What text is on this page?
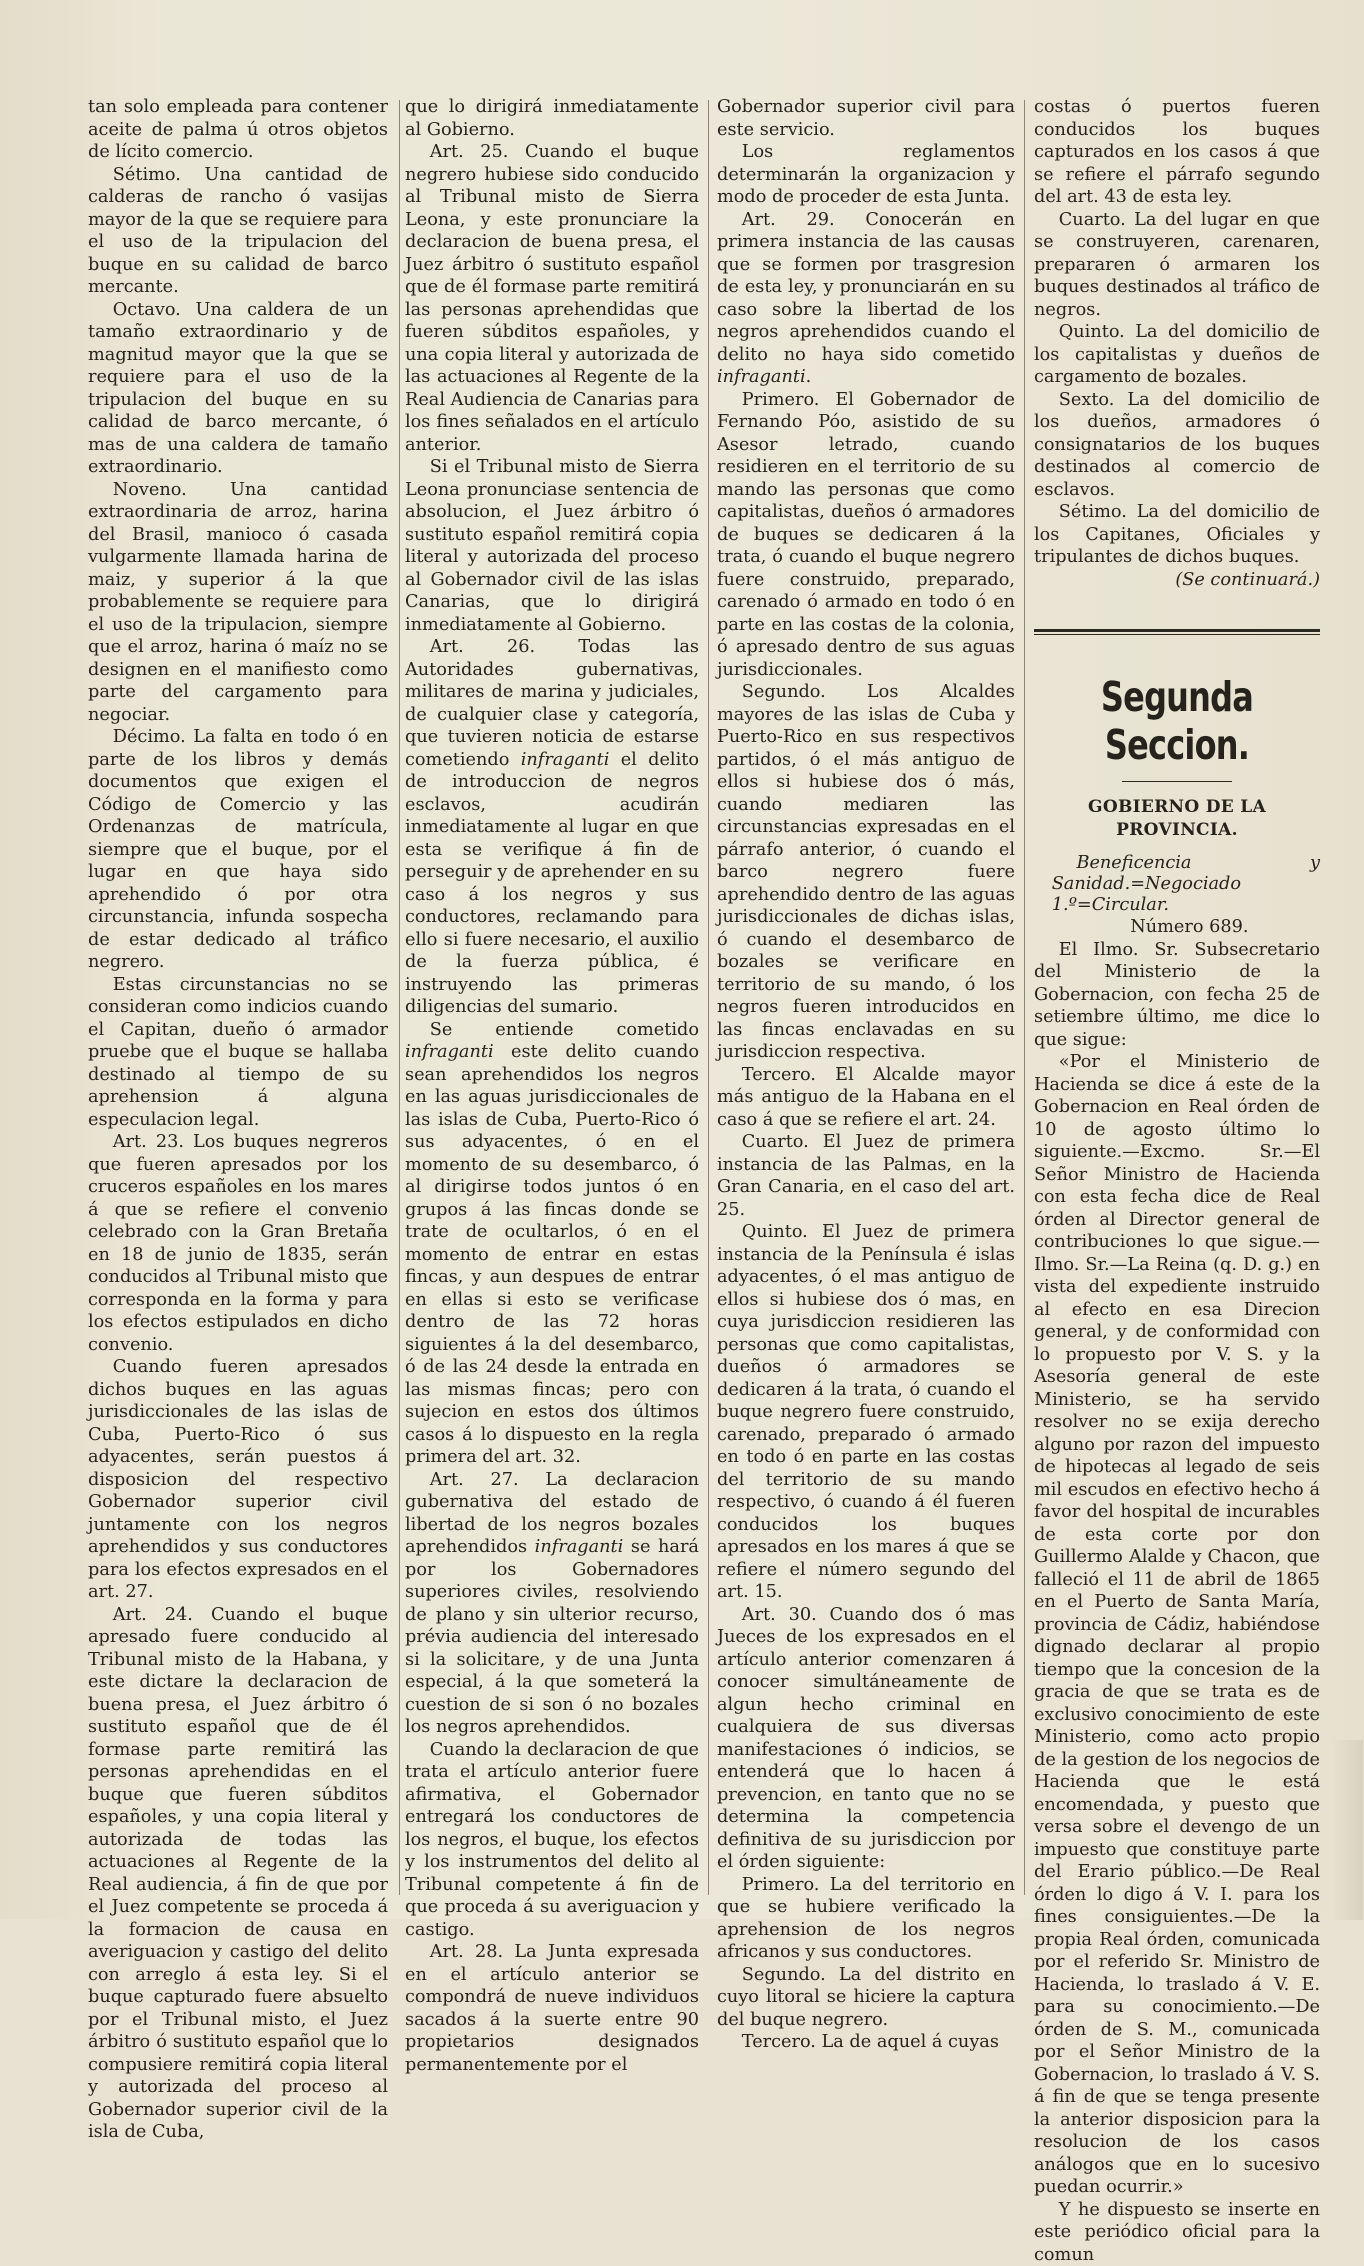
tan solo empleada para contener aceite de palma ú otros objetos de lícito comercio.

Sétimo. Una cantidad de calderas de rancho ó vasijas mayor de la que se requiere para el uso de la tripulacion del buque en su calidad de barco mercante.

Octavo. Una caldera de un tamaño extraordinario y de magnitud mayor que la que se requiere para el uso de la tripulacion del buque en su calidad de barco mercante, ó mas de una caldera de tamaño extraordinario.

Noveno. Una cantidad extraordinaria de arroz, harina del Brasil, manioco ó casada vulgarmente llamada harina de maiz, y superior á la que probablemente se requiere para el uso de la tripulacion, siempre que el arroz, harina ó maíz no se designen en el manifiesto como parte del cargamento para negociar.

Décimo. La falta en todo ó en parte de los libros y demás documentos que exigen el Código de Comercio y las Ordenanzas de matrícula, siempre que el buque, por el lugar en que haya sido aprehendido ó por otra circunstancia, infunda sospecha de estar dedicado al tráfico negrero.

Estas circunstancias no se consideran como indicios cuando el Capitan, dueño ó armador pruebe que el buque se hallaba destinado al tiempo de su aprehension á alguna especulacion legal.

Art. 23. Los buques negreros que fueren apresados por los cruceros españoles en los mares á que se refiere el convenio celebrado con la Gran Bretaña en 18 de junio de 1835, serán conducidos al Tribunal misto que corresponda en la forma y para los efectos estipulados en dicho convenio.

Cuando fueren apresados dichos buques en las aguas jurisdiccionales de las islas de Cuba, Puerto-Rico ó sus adyacentes, serán puestos á disposicion del respectivo Gobernador superior civil juntamente con los negros aprehendidos y sus conductores para los efectos expresados en el art. 27.

Art. 24. Cuando el buque apresado fuere conducido al Tribunal misto de la Habana, y este dictare la declaracion de buena presa, el Juez árbitro ó sustituto español que de él formase parte remitirá las personas aprehendidas en el buque que fueren súbditos españoles, y una copia literal y autorizada de todas las actuaciones al Regente de la Real audiencia, á fin de que por el Juez competente se proceda á la formacion de causa en averiguacion y castigo del delito con arreglo á esta ley. Si el buque capturado fuere absuelto por el Tribunal misto, el Juez árbitro ó sustituto español que lo compusiere remitirá copia literal y autorizada del proceso al Gobernador superior civil de la isla de Cuba,

que lo dirigirá inmediatamente al Gobierno.

Art. 25. Cuando el buque negrero hubiese sido conducido al Tribunal misto de Sierra Leona, y este pronunciare la declaracion de buena presa, el Juez árbitro ó sustituto español que de él formase parte remitirá las personas aprehendidas que fueren súbditos españoles, y una copia literal y autorizada de las actuaciones al Regente de la Real Audiencia de Canarias para los fines señalados en el artículo anterior.

Si el Tribunal misto de Sierra Leona pronunciase sentencia de absolucion, el Juez árbitro ó sustituto español remitirá copia literal y autorizada del proceso al Gobernador civil de las islas Canarias, que lo dirigirá inmediatamente al Gobierno.

Art. 26. Todas las Autoridades gubernativas, militares de marina y judiciales, de cualquier clase y categoría, que tuvieren noticia de estarse cometiendo infraganti el delito de introduccion de negros esclavos, acudirán inmediatamente al lugar en que esta se verifique á fin de perseguir y de aprehender en su caso á los negros y sus conductores, reclamando para ello si fuere necesario, el auxilio de la fuerza pública, é instruyendo las primeras diligencias del sumario.

Se entiende cometido infraganti este delito cuando sean aprehendidos los negros en las aguas jurisdiccionales de las islas de Cuba, Puerto-Rico ó sus adyacentes, ó en el momento de su desembarco, ó al dirigirse todos juntos ó en grupos á las fincas donde se trate de ocultarlos, ó en el momento de entrar en estas fincas, y aun despues de entrar en ellas si esto se verificase dentro de las 72 horas siguientes á la del desembarco, ó de las 24 desde la entrada en las mismas fincas; pero con sujecion en estos dos últimos casos á lo dispuesto en la regla primera del art. 32.

Art. 27. La declaracion gubernativa del estado de libertad de los negros bozales aprehendidos infraganti se hará por los Gobernadores superiores civiles, resolviendo de plano y sin ulterior recurso, prévia audiencia del interesado si la solicitare, y de una Junta especial, á la que someterá la cuestion de si son ó no bozales los negros aprehendidos.

Cuando la declaracion de que trata el artículo anterior fuere afirmativa, el Gobernador entregará los conductores de los negros, el buque, los efectos y los instrumentos del delito al Tribunal competente á fin de que proceda á su averiguacion y castigo.

Art. 28. La Junta expresada en el artículo anterior se compondrá de nueve individuos sacados á la suerte entre 90 propietarios designados permanentemente por el

Gobernador superior civil para este servicio.

Los reglamentos determinarán la organizacion y modo de proceder de esta Junta.

Art. 29. Conocerán en primera instancia de las causas que se formen por trasgresion de esta ley, y pronunciarán en su caso sobre la libertad de los negros aprehendidos cuando el delito no haya sido cometido infraganti.

Primero. El Gobernador de Fernando Póo, asistido de su Asesor letrado, cuando residieren en el territorio de su mando las personas que como capitalistas, dueños ó armadores de buques se dedicaren á la trata, ó cuando el buque negrero fuere construido, preparado, carenado ó armado en todo ó en parte en las costas de la colonia, ó apresado dentro de sus aguas jurisdiccionales.

Segundo. Los Alcaldes mayores de las islas de Cuba y Puerto-Rico en sus respectivos partidos, ó el más antiguo de ellos si hubiese dos ó más, cuando mediaren las circunstancias expresadas en el párrafo anterior, ó cuando el barco negrero fuere aprehendido dentro de las aguas jurisdiccionales de dichas islas, ó cuando el desembarco de bozales se verificare en territorio de su mando, ó los negros fueren introducidos en las fincas enclavadas en su jurisdiccion respectiva.

Tercero. El Alcalde mayor más antiguo de la Habana en el caso á que se refiere el art. 24.

Cuarto. El Juez de primera instancia de las Palmas, en la Gran Canaria, en el caso del art. 25.

Quinto. El Juez de primera instancia de la Península é islas adyacentes, ó el mas antiguo de ellos si hubiese dos ó mas, en cuya jurisdiccion residieren las personas que como capitalistas, dueños ó armadores se dedicaren á la trata, ó cuando el buque negrero fuere construido, carenado, preparado ó armado en todo ó en parte en las costas del territorio de su mando respectivo, ó cuando á él fueren conducidos los buques apresados en los mares á que se refiere el número segundo del art. 15.

Art. 30. Cuando dos ó mas Jueces de los expresados en el artículo anterior comenzaren á conocer simultáneamente de algun hecho criminal en cualquiera de sus diversas manifestaciones ó indicios, se entenderá que lo hacen á prevencion, en tanto que no se determina la competencia definitiva de su jurisdiccion por el órden siguiente:

Primero. La del territorio en que se hubiere verificado la aprehension de los negros africanos y sus conductores.

Segundo. La del distrito en cuyo litoral se hiciere la captura del buque negrero.

Tercero. La de aquel á cuyas

costas ó puertos fueren conducidos los buques capturados en los casos á que se refiere el párrafo segundo del art. 43 de esta ley.

Cuarto. La del lugar en que se construyeren, carenaren, prepararen ó armaren los buques destinados al tráfico de negros.

Quinto. La del domicilio de los capitalistas y dueños de cargamento de bozales.

Sexto. La del domicilio de los dueños, armadores ó consignatarios de los buques destinados al comercio de esclavos.

Sétimo. La del domicilio de los Capitanes, Oficiales y tripulantes de dichos buques.

(Se continuará.)

Segunda Seccion.
GOBIERNO DE LA PROVINCIA.

Beneficencia y Sanidad.=Negociado 1.º=Circular.

Número 689.

El Ilmo. Sr. Subsecretario del Ministerio de la Gobernacion, con fecha 25 de setiembre último, me dice lo que sigue:

«Por el Ministerio de Hacienda se dice á este de la Gobernacion en Real órden de 10 de agosto último lo siguiente.—Excmo. Sr.—El Señor Ministro de Hacienda con esta fecha dice de Real órden al Director general de contribuciones lo que sigue.—Ilmo. Sr.—La Reina (q. D. g.) en vista del expediente instruido al efecto en esa Direcion general, y de conformidad con lo propuesto por V. S. y la Asesoría general de este Ministerio, se ha servido resolver no se exija derecho alguno por razon del impuesto de hipotecas al legado de seis mil escudos en efectivo hecho á favor del hospital de incurables de esta corte por don Guillermo Alalde y Chacon, que falleció el 11 de abril de 1865 en el Puerto de Santa María, provincia de Cádiz, habiéndose dignado declarar al propio tiempo que la concesion de la gracia de que se trata es de exclusivo conocimiento de este Ministerio, como acto propio de la gestion de los negocios de Hacienda que le está encomendada, y puesto que versa sobre el devengo de un impuesto que constituye parte del Erario público.—De Real órden lo digo á V. I. para los fines consiguientes.—De la propia Real órden, comunicada por el referido Sr. Ministro de Hacienda, lo traslado á V. E. para su conocimiento.—De órden de S. M., comunicada por el Señor Ministro de la Gobernacion, lo traslado á V. S. á fin de que se tenga presente la anterior disposicion para la resolucion de los casos análogos que en lo sucesivo puedan ocurrir.»

Y he dispuesto se inserte en este periódico oficial para la comun
